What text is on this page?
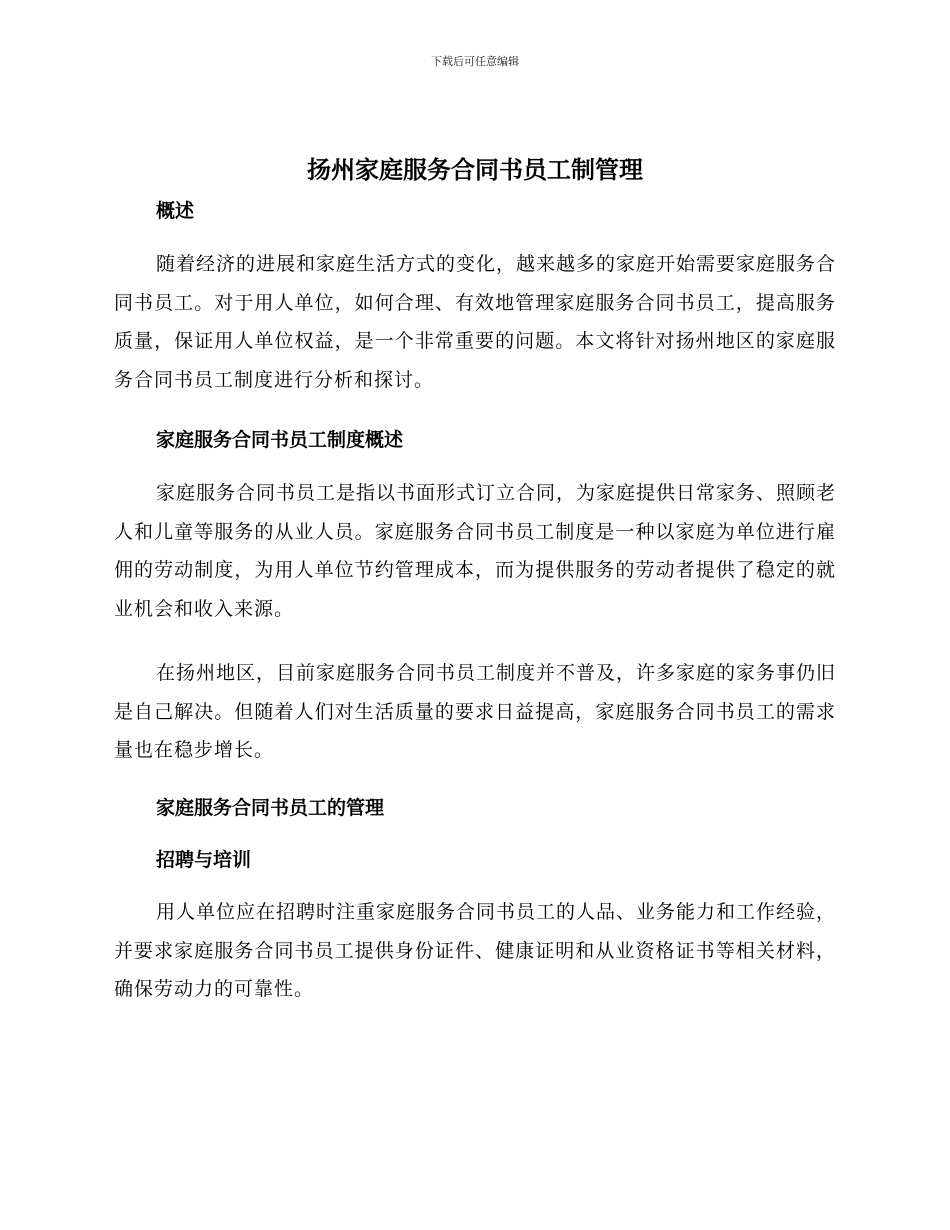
下载后可任意编辑
扬州家庭服务合同书员工制管理
概述

随着经济的进展和家庭生活方式的变化，越来越多的家庭开始需要家庭服务合同书员工。对于用人单位，如何合理、有效地管理家庭服务合同书员工，提高服务质量，保证用人单位权益，是一个非常重要的问题。本文将针对扬州地区的家庭服务合同书员工制度进行分析和探讨。

家庭服务合同书员工制度概述

家庭服务合同书员工是指以书面形式订立合同，为家庭提供日常家务、照顾老人和儿童等服务的从业人员。家庭服务合同书员工制度是一种以家庭为单位进行雇佣的劳动制度，为用人单位节约管理成本，而为提供服务的劳动者提供了稳定的就业机会和收入来源。

在扬州地区，目前家庭服务合同书员工制度并不普及，许多家庭的家务事仍旧是自己解决。但随着人们对生活质量的要求日益提高，家庭服务合同书员工的需求量也在稳步增长。

家庭服务合同书员工的管理
招聘与培训

用人单位应在招聘时注重家庭服务合同书员工的人品、业务能力和工作经验，并要求家庭服务合同书员工提供身份证件、健康证明和从业资格证书等相关材料，确保劳动力的可靠性。
